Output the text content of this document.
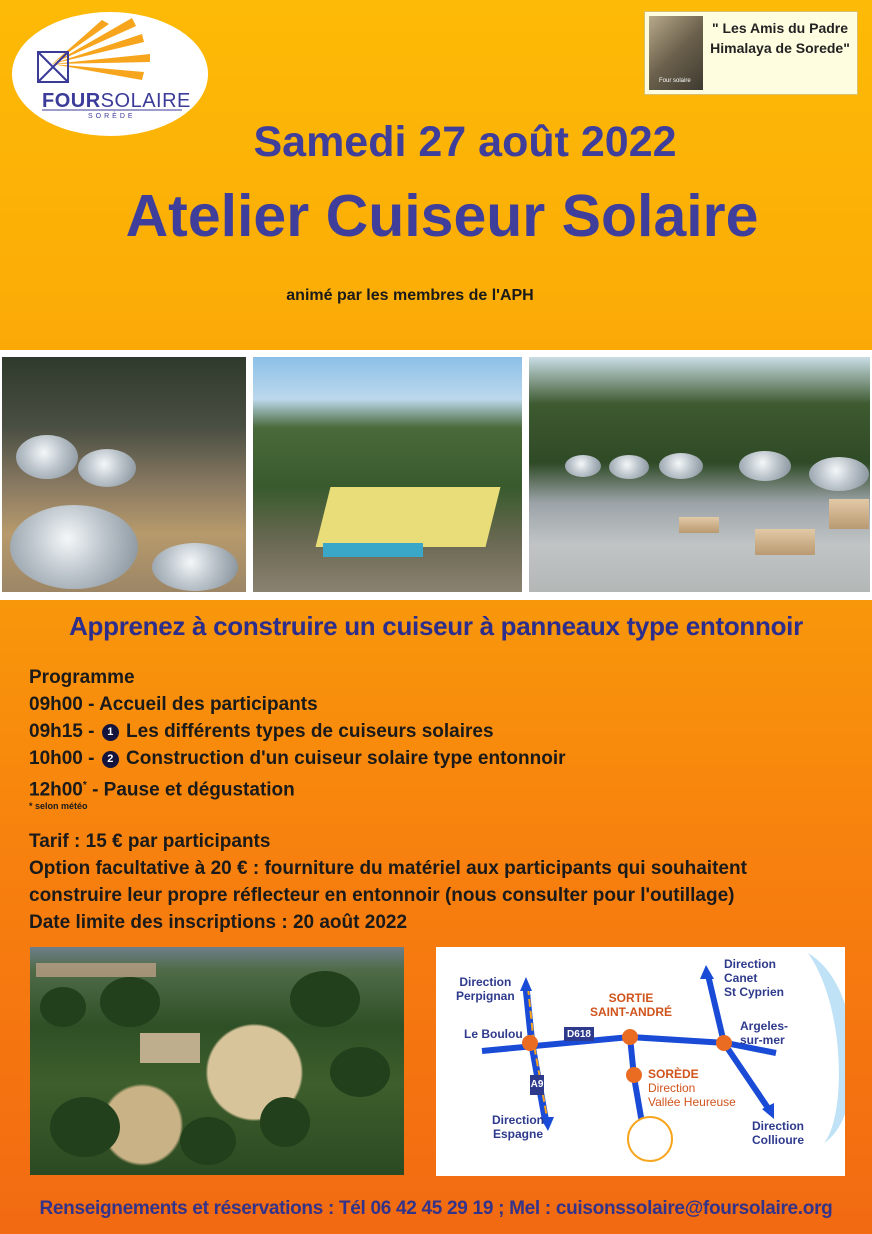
FOURSOLAIRE
SORÈDE
Four solaire
" Les Amis du Padre Himalaya de Sorede"
Samedi 27 août 2022
Atelier Cuiseur Solaire
animé par les membres de l'APH
Apprenez à construire un cuiseur à panneaux type entonnoir
Programme
09h00 - Accueil des participants
09h15 - 1 Les différents types de cuiseurs solaires
10h00 - 2 Construction d'un cuiseur solaire type entonnoir
12h00* - Pause et dégustation
* selon météo
Tarif : 15 € par participants
Option facultative à 20 € : fourniture du matériel aux participants qui souhaitent
construire leur propre réflecteur en entonnoir (nous consulter pour l'outillage)
Date limite des inscriptions : 20 août 2022
Direction
Perpignan
Le Boulou	D618
SORTIE
SAINT-ANDRÉ
Direction
Canet
St Cyprien
Argeles-
sur-mer	Mer Méditerranée
A9
SORÈDE
Direction
Vallée Heureuse
Direction
Espagne
Direction
Collioure
Renseignements et réservations : Tél 06 42 45 29 19 ; Mel : cuisonssolaire@foursolaire.org
